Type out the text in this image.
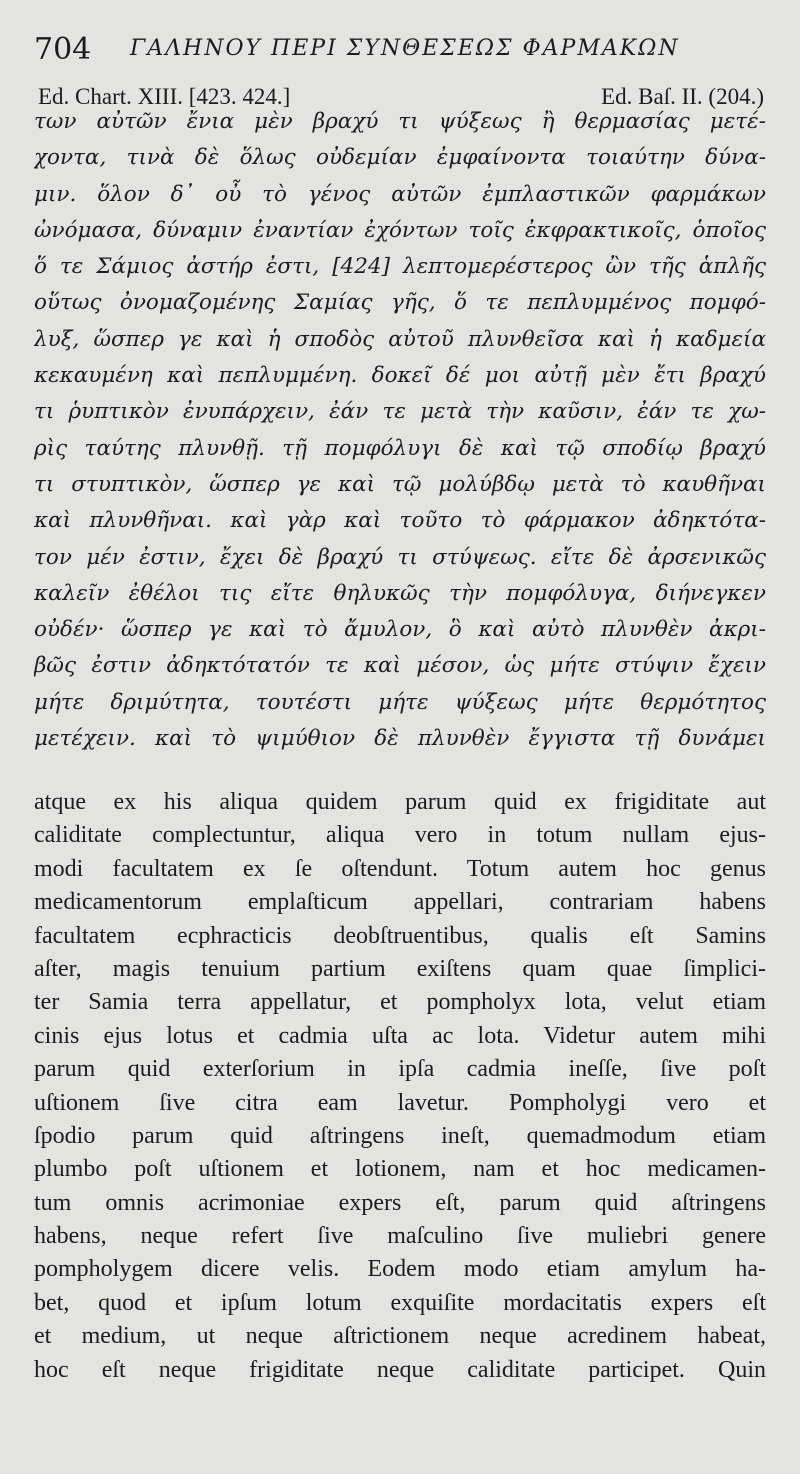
704 ΓΑΛΗΝΟΥ ΠΕΡΙ ΣΥΝΘΕΣΕΩΣ ΦΑΡΜΑΚΩΝ
Ed. Chart. XIII. [423. 424.]	Ed. Baſ. II. (204.)
των αὐτῶν ἔνια μὲν βραχύ τι ψύξεως ἢ θερμασίας μετέ-
χοντα, τινὰ δὲ ὅλως οὐδεμίαν ἐμφαίνοντα τοιαύτην δύνα-
μιν. ὅλον δ᾽ οὖ τὸ γένος αὐτῶν ἐμπλαστικῶν φαρμάκων
ὠνόμασα, δύναμιν ἐναντίαν ἐχόντων τοῖς ἐκφρακτικοῖς, ὁποῖος
ὅ τε Σάμιος ἀστήρ ἐστι, [424] λεπτομερέστερος ὢν τῆς ἁπλῆς
οὕτως ὀνομαζομένης Σαμίας γῆς, ὅ τε πεπλυμμένος πομφό-
λυξ, ὥσπερ γε καὶ ἡ σποδὸς αὐτοῦ πλυνθεῖσα καὶ ἡ καδμεία
κεκαυμένη καὶ πεπλυμμένη. δοκεῖ δέ μοι αὐτῇ μὲν ἔτι βραχύ
τι ῥυπτικὸν ἐνυπάρχειν, ἐάν τε μετὰ τὴν καῦσιν, ἐάν τε χω-
ρὶς ταύτης πλυνθῇ. τῇ πομφόλυγι δὲ καὶ τῷ σποδίῳ βραχύ
τι στυπτικὸν, ὥσπερ γε καὶ τῷ μολύβδῳ μετὰ τὸ καυθῆναι
καὶ πλυνθῆναι. καὶ γὰρ καὶ τοῦτο τὸ φάρμακον ἀδηκτότα-
τον μέν ἐστιν, ἔχει δὲ βραχύ τι στύψεως. εἴτε δὲ ἀρσενικῶς
καλεῖν ἐθέλοι τις εἴτε θηλυκῶς τὴν πομφόλυγα, διήνεγκεν
οὐδέν· ὥσπερ γε καὶ τὸ ἄμυλον, ὃ καὶ αὐτὸ πλυνθὲν ἀκρι-
βῶς ἐστιν ἀδηκτότατόν τε καὶ μέσον, ὡς μήτε στύψιν ἔχειν
μήτε δριμύτητα, τουτέστι μήτε ψύξεως μήτε θερμότητος
μετέχειν. καὶ τὸ ψιμύθιον δὲ πλυνθὲν ἔγγιστα τῇ δυνάμει
atque ex his aliqua quidem parum quid ex frigiditate aut
caliditate complectuntur, aliqua vero in totum nullam ejus-
modi facultatem ex ſe oſtendunt. Totum autem hoc genus
medicamentorum emplaſticum appellari, contrariam habens
facultatem ecphracticis deobſtruentibus, qualis eſt Samins
aſter, magis tenuium partium exiſtens quam quae ſimplici-
ter Samia terra appellatur, et pompholyx lota, velut etiam
cinis ejus lotus et cadmia uſta ac lota. Videtur autem mihi
parum quid exterſorium in ipſa cadmia ineſſe, ſive poſt
uſtionem ſive citra eam lavetur. Pompholygi vero et
ſpodio parum quid aſtringens ineſt, quemadmodum etiam
plumbo poſt uſtionem et lotionem, nam et hoc medicamen-
tum omnis acrimoniae expers eſt, parum quid aſtringens
habens, neque refert ſive maſculino ſive muliebri genere
pompholygem dicere velis. Eodem modo etiam amylum ha-
bet, quod et ipſum lotum exquiſite mordacitatis expers eſt
et medium, ut neque aſtrictionem neque acredinem habeat,
hoc eſt neque frigiditate neque caliditate participet. Quin
